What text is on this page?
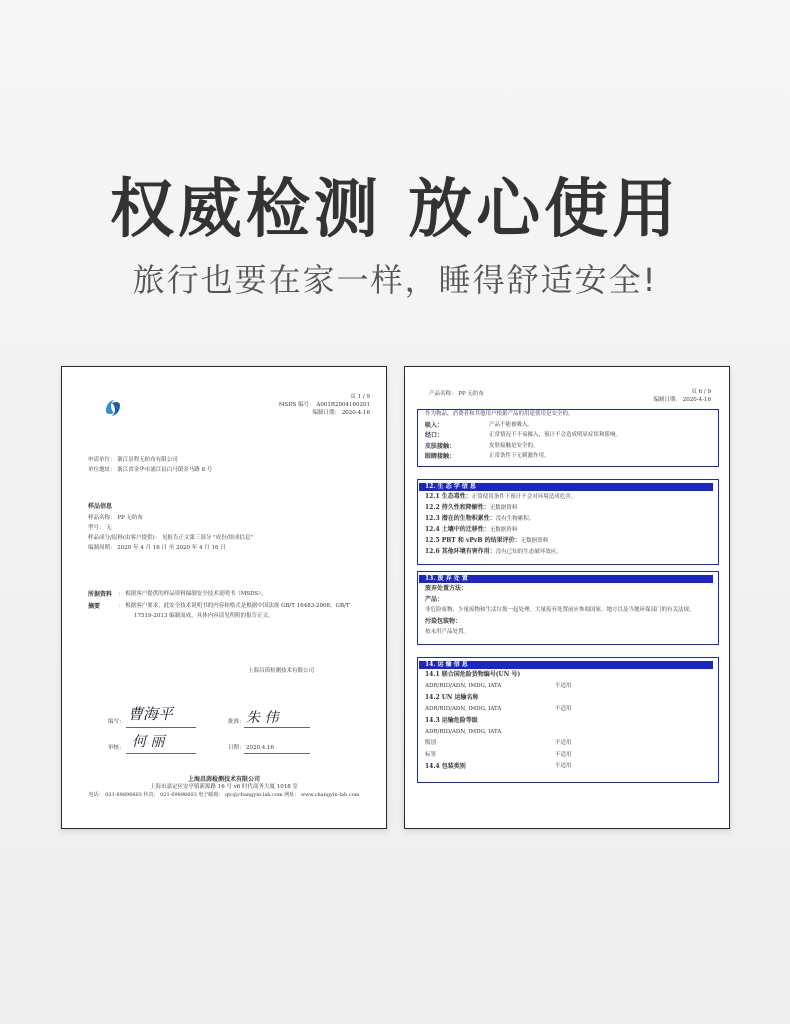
权威检测 放心使用
旅行也要在家一样，睡得舒适安全!
页 1 / 9
MSDS 编号： A001R2004160201
编制日期： 2020-4-16
申请单位： 浙江景程无纺布有限公司
单位地址： 浙江省金华市浦江县白马镇金马路 8 号
样品信息
样品名称： PP 无纺布
型号： 无
样品成分/原料(由客户提供)： 见报告正文第三部分 "成份/组成信息"
编制周期： 2020 年 4 月 16 日 至 2020 年 4 月 16 日
所据资料 ： 根据客户提供的样品资料编制安全技术说明书（MSDS）。
摘要	： 根据客户要求，此安全技术说明书的内容和格式是根据中国法规 GB/T 16483-2008、GB/T
17519-2013 编制而成，具体内容请见所附的报告正文。
上海昌茵检测技术有限公司
编写： 曹海平	批准： 朱 伟
审核： 何 丽	日期： 2020.4.16
上海昌茵检测技术有限公司
上海市嘉定区安亭镇新源路 16 号 v6 时代商务大厦 1018 室
电话： 021-69896603 传真： 021-69896603 电子邮箱： qtc@changyin-lab.com 网址： www.changyin-lab.com
产品名称： PP 无纺布	页 6 / 9
编制日期： 2020-4-16
12. 生 态 学 信 息
13. 废 弃 处 置
14. 运 输 信 息
作为物品，消费者和其他用户根据产品的用途使用是安全的。
吸入：	产品不能被吸入。
经口：	正常情况下不易摄入，预计不会造成明显症状和影响。
皮肤接触：	皮肤接触是安全的。
眼睛接触：	正常条件下无刺激作用。
12.1 生态毒性：正常使用条件下预计不会对环境造成危害。
12.2 持久性和降解性：无数据资料
12.3 潜在的生物积累性：没有生物累积。
12.4 土壤中的迁移性：无数据资料
12.5 PBT 和 vPvB 的结果评价：无数据资料
12.6 其他环境有害作用：没有已知的生态破坏效应。
废弃处置方法：
产品：
非危险废物，少量废物和生活垃圾一起处理。大量废弃处置前应参阅国家、地方以及当地环保部门的有关法规。
污染包装物：
按未用产品处置。
14.1 联合国危险货物编号(UN 号)
ADR/RID/ADN, IMDG, IATA	不适用
14.2 UN 运输名称
ADR/RID/ADN, IMDG, IATA	不适用
14.3 运输危险等级
ADR/RID/ADN, IMDG, IATA
级别	不适用
标签	不适用
14.4 包装类别	不适用
